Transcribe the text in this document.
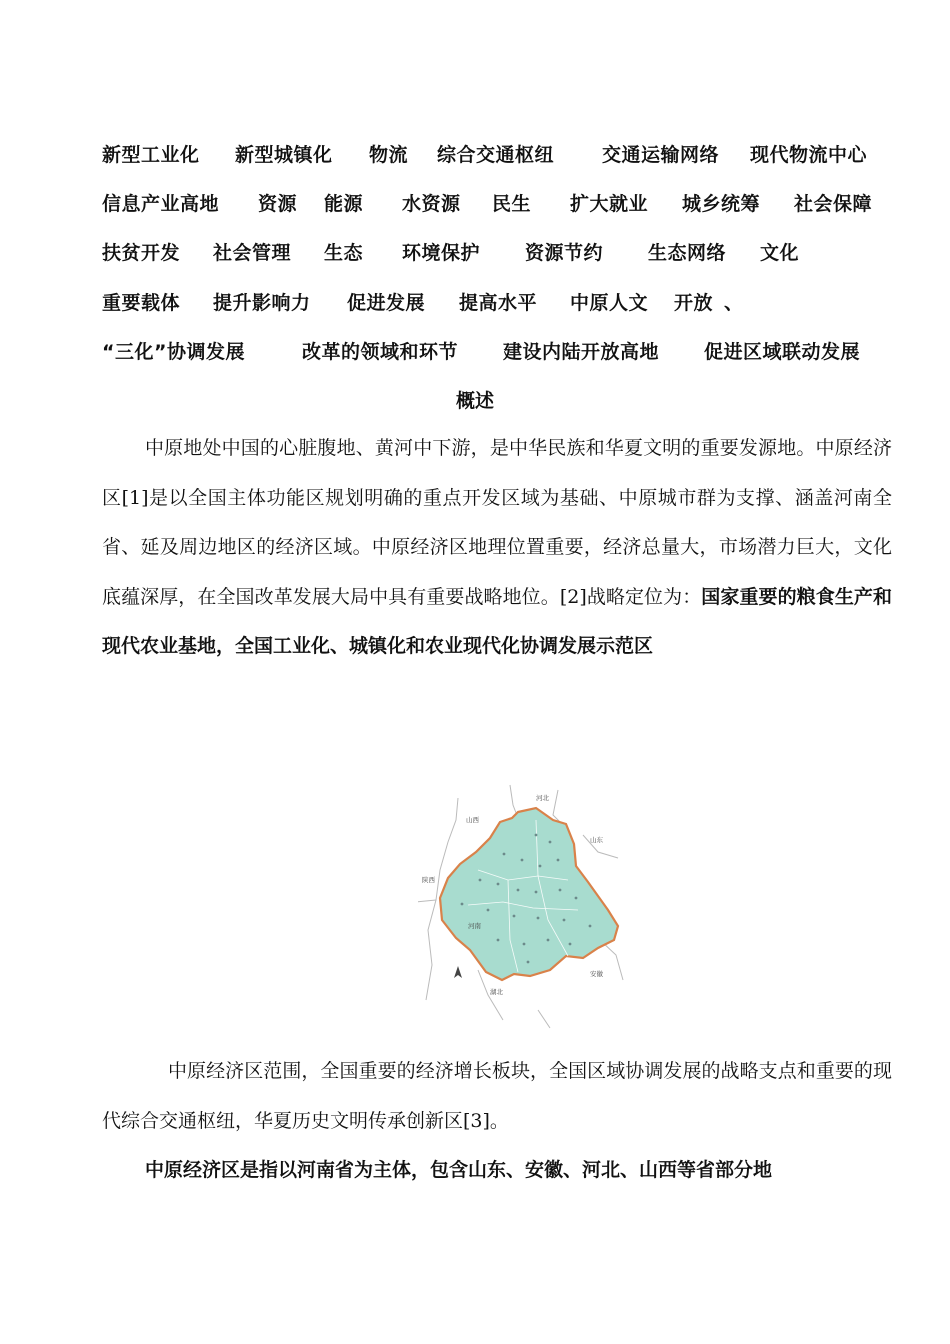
新型工业化 新型城镇化 物流 综合交通枢纽	交通运输网络 现代物流中心
信息产业高地 资源 能源 水资源 民生 扩大就业 城乡统筹 社会保障
扶贫开发 社会管理 生态 环境保护 资源节约 生态网络 文化
重要载体 提升影响力 促进发展 提高水平 中原人文 开放 、
“三化”协调发展	改革的领域和环节 建设内陆开放高地 促进区域联动发展
概述
中原地处中国的心脏腹地、黄河中下游，是中华民族和华夏文明的重要发源地。中原经济区[1]是以全国主体功能区规划明确的重点开发区域为基础、中原城市群为支撑、涵盖河南全省、延及周边地区的经济区域。中原经济区地理位置重要，经济总量大，市场潜力巨大，文化底蕴深厚，在全国改革发展大局中具有重要战略地位。[2]战略定位为：国家重要的粮食生产和现代农业基地，全国工业化、城镇化和农业现代化协调发展示范区
河北
山西
山东
陕西
河南
安徽
湖北
中原经济区范围，全国重要的经济增长板块，全国区域协调发展的战略支点和重要的现代综合交通枢纽，华夏历史文明传承创新区[3]。
中原经济区是指以河南省为主体，包含山东、安徽、河北、山西等省部分地
